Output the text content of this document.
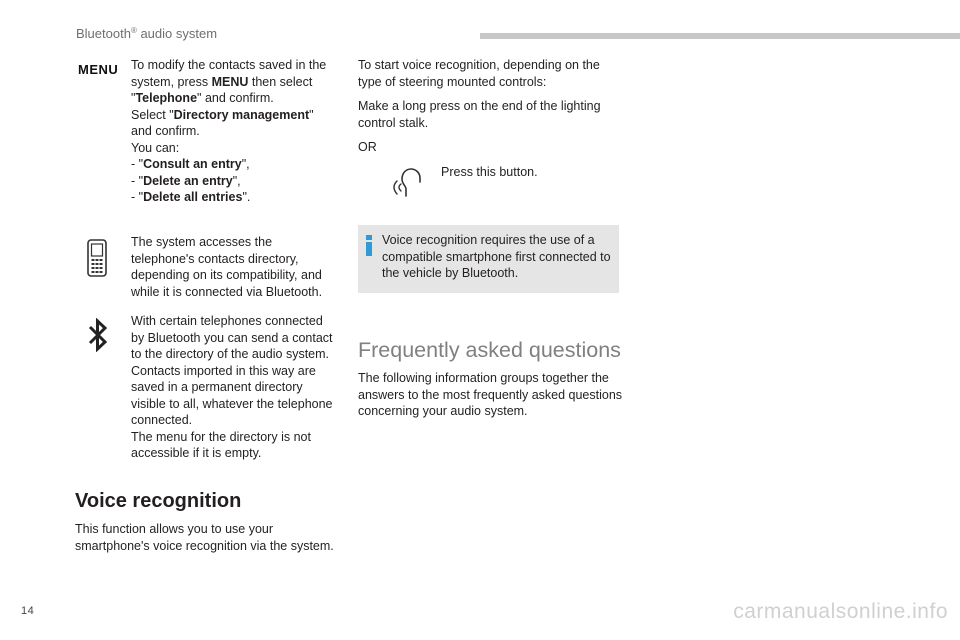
Bluetooth® audio system
MENU To modify the contacts saved in the

system, press MENU then select

"Telephone" and confirm.

Select "Directory management"

and confirm.

You can:

- "Consult an entry",

- "Delete an entry",

- "Delete all entries".

The system accesses the

telephone's contacts directory,

depending on its compatibility, and

while it is connected via Bluetooth.

With certain telephones connected

by Bluetooth you can send a contact

to the directory of the audio system.

Contacts imported in this way are

saved in a permanent directory

visible to all, whatever the telephone

connected.

The menu for the directory is not

accessible if it is empty.

Voice recognition

This function allows you to use your

smartphone's voice recognition via the system.

To start voice recognition, depending on the

type of steering mounted controls:

Make a long press on the end of the lighting

control stalk.

OR
Press this button.

Voice recognition requires the use of a

compatible smartphone first connected to

the vehicle by Bluetooth.

Frequently asked questions

The following information groups together the

answers to the most frequently asked questions

concerning your audio system.

14	carmanualsonline.info
